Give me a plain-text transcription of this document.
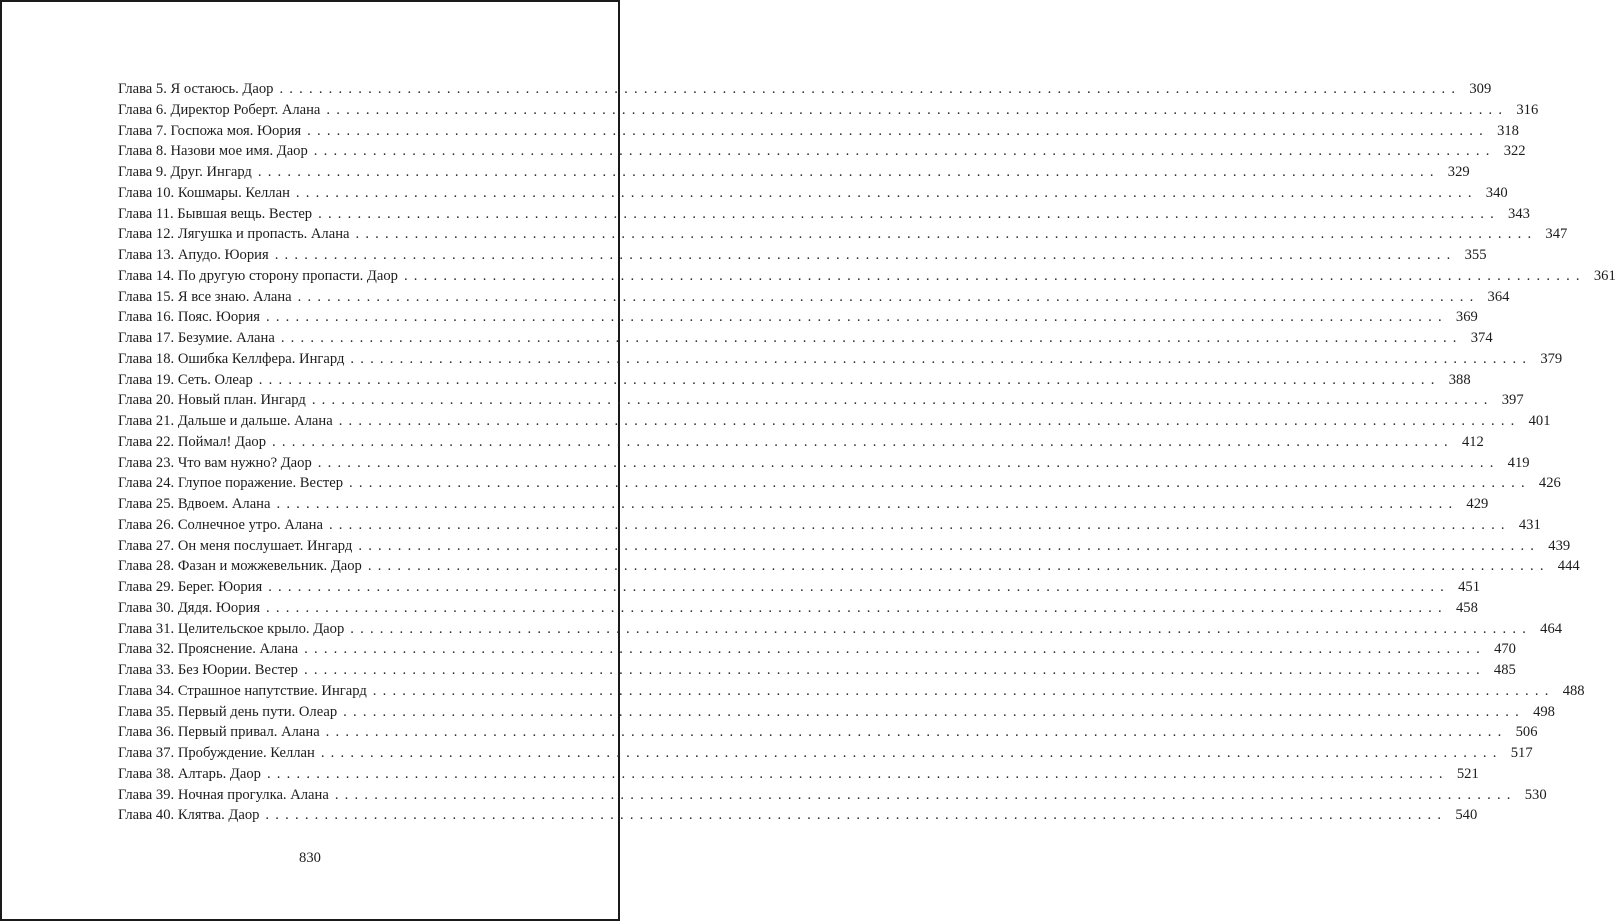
Глава 5. Я остаюсь. Даор ........................................................................................................................ 309
Глава 6. Директор Роберт. Алана ........................................................................................................................ 316
Глава 7. Госпожа моя. Юория ........................................................................................................................ 318
Глава 8. Назови мое имя. Даор ........................................................................................................................ 322
Глава 9. Друг. Ингард ........................................................................................................................ 329
Глава 10. Кошмары. Келлан ........................................................................................................................ 340
Глава 11. Бывшая вещь. Вестер ........................................................................................................................ 343
Глава 12. Лягушка и пропасть. Алана ........................................................................................................................ 347
Глава 13. Апудо. Юория ........................................................................................................................ 355
Глава 14. По другую сторону пропасти. Даор ........................................................................................................................ 361
Глава 15. Я все знаю. Алана ........................................................................................................................ 364
Глава 16. Пояс. Юория ........................................................................................................................ 369
Глава 17. Безумие. Алана ........................................................................................................................ 374
Глава 18. Ошибка Келлфера. Ингард ........................................................................................................................ 379
Глава 19. Сеть. Олеар ........................................................................................................................ 388
Глава 20. Новый план. Ингард ........................................................................................................................ 397
Глава 21. Дальше и дальше. Алана ........................................................................................................................ 401
Глава 22. Поймал! Даор ........................................................................................................................ 412
Глава 23. Что вам нужно? Даор ........................................................................................................................ 419
Глава 24. Глупое поражение. Вестер ........................................................................................................................ 426
Глава 25. Вдвоем. Алана ........................................................................................................................ 429
Глава 26. Солнечное утро. Алана ........................................................................................................................ 431
Глава 27. Он меня послушает. Ингард ........................................................................................................................ 439
Глава 28. Фазан и можжевельник. Даор ........................................................................................................................ 444
Глава 29. Берег. Юория ........................................................................................................................ 451
Глава 30. Дядя. Юория ........................................................................................................................ 458
Глава 31. Целительское крыло. Даор ........................................................................................................................ 464
Глава 32. Прояснение. Алана ........................................................................................................................ 470
Глава 33. Без Юории. Вестер ........................................................................................................................ 485
Глава 34. Страшное напутствие. Ингард ........................................................................................................................ 488
Глава 35. Первый день пути. Олеар ........................................................................................................................ 498
Глава 36. Первый привал. Алана ........................................................................................................................ 506
Глава 37. Пробуждение. Келлан ........................................................................................................................ 517
Глава 38. Алтарь. Даор ........................................................................................................................ 521
Глава 39. Ночная прогулка. Алана ........................................................................................................................ 530
Глава 40. Клятва. Даор ........................................................................................................................ 540
830
